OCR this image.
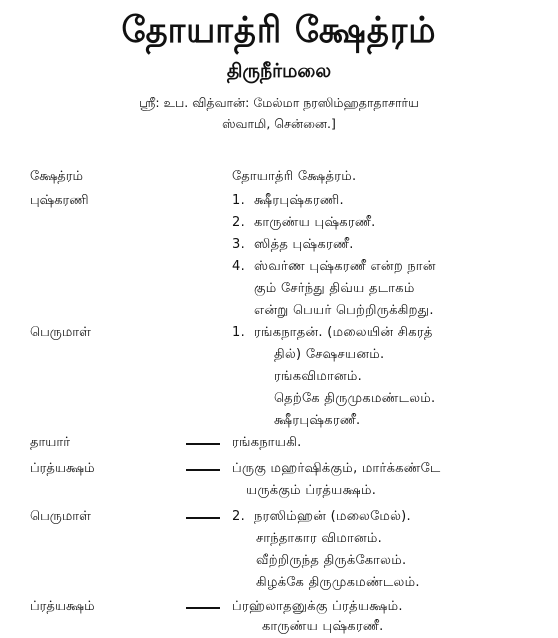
தோயாத்ரி க்ஷேத்ரம்
திருநீர்மலை
ஸ்ரீ: உப. வித்வான்: மேல்மா நரஸிம்ஹதாதாசார்ய
ஸ்வாமி, சென்னை.]
க்ஷேத்ரம்	தோயாத்ரி க்ஷேத்ரம்.
புஷ்கரணி	1. க்ஷீரபுஷ்கரணி.
2. காருண்ய புஷ்கரணீ.
3. ஸித்த புஷ்கரணீ.
4. ஸ்வர்ண புஷ்கரணீ என்ற நான்
கும் சேர்ந்து திவ்ய தடாகம்
என்று பெயர் பெற்றிருக்கிறது.
பெருமாள்	1. ரங்கநாதன். (மலையின் சிகரத்
தில்) சேஷசயனம்.
ரங்கவிமானம்.
தெற்கே திருமுகமண்டலம்.
க்ஷீரபுஷ்கரணீ.
தாயார்	ரங்கநாயகி.
ப்ரத்யக்ஷம்	ப்ருகு மஹர்ஷிக்கும், மார்க்கண்டே
யருக்கும் ப்ரத்யக்ஷம்.
பெருமாள்	2. நரஸிம்ஹன் (மலைமேல்).
சாந்தாகார விமானம்.
வீற்றிருந்த திருக்கோலம்.
கிழக்கே திருமுகமண்டலம்.
ப்ரத்யக்ஷம்	ப்ரஹ்லாதனுக்கு ப்ரத்யக்ஷம்.
காருண்ய புஷ்கரணீ.
